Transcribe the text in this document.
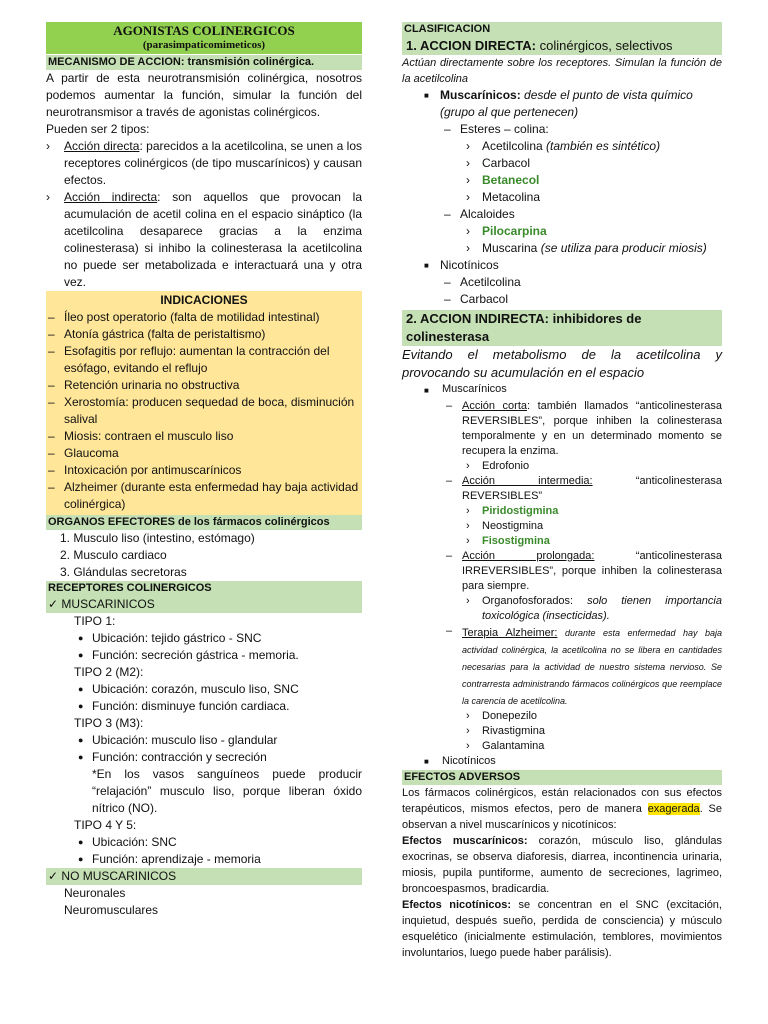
AGONISTAS COLINERGICOS
(parasimpaticomimeticos)
MECANISMO DE ACCION: transmisión colinérgica.

A partir de esta neurotransmisión colinérgica, nosotros podemos aumentar la función, simular la función del neurotransmisor a través de agonistas colinérgicos.

Pueden ser 2 tipos:

›	Acción directa: parecidos a la acetilcolina, se unen a los receptores colinérgicos (de tipo muscarínicos) y causan efectos.
›	Acción indirecta: son aquellos que provocan la acumulación de acetil colina en el espacio sináptico (la acetilcolina desaparece gracias a la enzima colinesterasa) si inhibo la colinesterasa la acetilcolina no puede ser metabolizada e interactuará una y otra vez.
INDICACIONES
– Íleo post operatorio (falta de motilidad intestinal)
– Atonía gástrica (falta de peristaltismo)
– Esofagitis por reflujo: aumentan la contracción del esófago, evitando el reflujo
– Retención urinaria no obstructiva
– Xerostomía: producen sequedad de boca, disminución salival
– Miosis: contraen el musculo liso
– Glaucoma
– Intoxicación por antimuscarínicos
– Alzheimer (durante esta enfermedad hay baja actividad colinérgica)
ORGANOS EFECTORES de los fármacos colinérgicos
1. Musculo liso (intestino, estómago)
2. Musculo cardiaco
3. Glándulas secretoras
RECEPTORES COLINERGICOS
✓ MUSCARINICOS
TIPO 1:
● Ubicación: tejido gástrico - SNC
● Función: secreción gástrica - memoria.
TIPO 2 (M2):
● Ubicación: corazón, musculo liso, SNC
● Función: disminuye función cardiaca.
TIPO 3 (M3):
● Ubicación: musculo liso - glandular
● Función: contracción y secreción

*En los vasos sanguíneos puede producir “relajación” musculo liso, porque liberan óxido nítrico (NO).

TIPO 4 Y 5:
● Ubicación: SNC
● Función: aprendizaje - memoria
✓ NO MUSCARINICOS
Neuronales
Neuromusculares
CLASIFICACION
1. ACCION DIRECTA: colinérgicos, selectivos

Actúan directamente sobre los receptores. Simulan la función de la acetilcolina

■ Muscarínicos: desde el punto de vista químico (grupo al que pertenecen)
– Esteres – colina:
›	Acetilcolina (también es sintético)
›	Carbacol
›	Betanecol
›	Metacolina
– Alcaloides
›	Pilocarpina
›	Muscarina (se utiliza para producir miosis)
■ Nicotínicos
– Acetilcolina
– Carbacol
2. ACCION INDIRECTA: inhibidores de colinesterasa

Evitando el metabolismo de la acetilcolina y provocando su acumulación en el espacio

■	Muscarínicos
– Acción corta: también llamados “anticolinesterasa REVERSIBLES”, porque inhiben la colinesterasa temporalmente y en un determinado momento se recupera la enzima.
›	Edrofonio
– Acción intermedia: “anticolinesterasa REVERSIBLES”
›	Piridostigmina
›	Neostigmina
›	Fisostigmina
– Acción prolongada: “anticolinesterasa IRREVERSIBLES”, porque inhiben la colinesterasa para siempre.
›	Organofosforados: solo tienen importancia toxicológica (insecticidas).
– Terapia Alzheimer: durante esta enfermedad hay baja actividad colinérgica, la acetilcolina no se libera en cantidades necesarias para la actividad de nuestro sistema nervioso. Se contrarresta administrando fármacos colinérgicos que reemplace la carencia de acetilcolina.
›	Donepezilo
›	Rivastigmina
›	Galantamina
■	Nicotínicos
EFECTOS ADVERSOS

Los fármacos colinérgicos, están relacionados con sus efectos terapéuticos, mismos efectos, pero de manera exagerada. Se observan a nivel muscarínicos y nicotínicos:

Efectos muscarínicos: corazón, músculo liso, glándulas exocrinas, se observa diaforesis, diarrea, incontinencia urinaria, miosis, pupila puntiforme, aumento de secreciones, lagrimeo, broncoespasmos, bradicardia.

Efectos nicotínicos: se concentran en el SNC (excitación, inquietud, después sueño, perdida de consciencia) y músculo esquelético (inicialmente estimulación, temblores, movimientos involuntarios, luego puede haber parálisis).
